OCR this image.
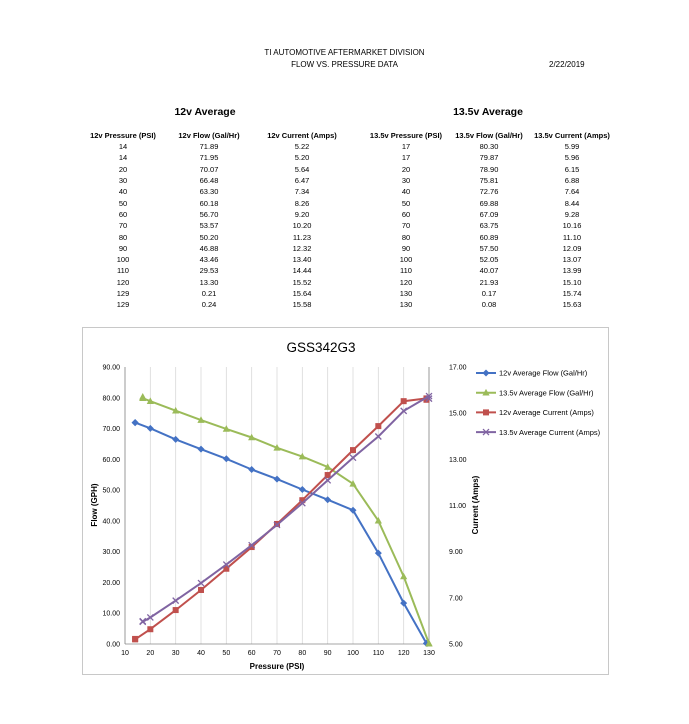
TI AUTOMOTIVE AFTERMARKET DIVISION
FLOW VS. PRESSURE DATA	2/22/2019
12v Average	13.5v Average
12v Pressure (PSI)	12v Flow (Gal/Hr)	12v Current (Amps)
14	71.89	5.22
14	71.95	5.20
20	70.07	5.64
30	66.48	6.47
40	63.30	7.34
50	60.18	8.26
60	56.70	9.20
70	53.57	10.20
80	50.20	11.23
90	46.88	12.32
100	43.46	13.40
110	29.53	14.44
120	13.30	15.52
129	0.21	15.64
129	0.24	15.58
13.5v Pressure (PSI)	13.5v Flow (Gal/Hr)	13.5v Current (Amps)
17	80.30	5.99
17	79.87	5.96
20	78.90	6.15
30	75.81	6.88
40	72.76	7.64
50	69.88	8.44
60	67.09	9.28
70	63.75	10.16
80	60.89	11.10
90	57.50	12.09
100	52.05	13.07
110	40.07	13.99
120	21.93	15.10
130	0.17	15.74
130	0.08	15.63
10	20	30	40	50	60	70	80	90 100 110 120 130
0.00
10.00
20.00
30.00
40.00
50.00
60.00
70.00
80.00
90.00
5.00
7.00
9.00
11.00
13.00
15.00
17.00
GSS342G3
Pressure (PSI)
Flow (GPH)	Current (Amps)
12v Average Flow (Gal/Hr)
13.5v Average Flow (Gal/Hr)
12v Average Current (Amps)
13.5v Average Current (Amps)
